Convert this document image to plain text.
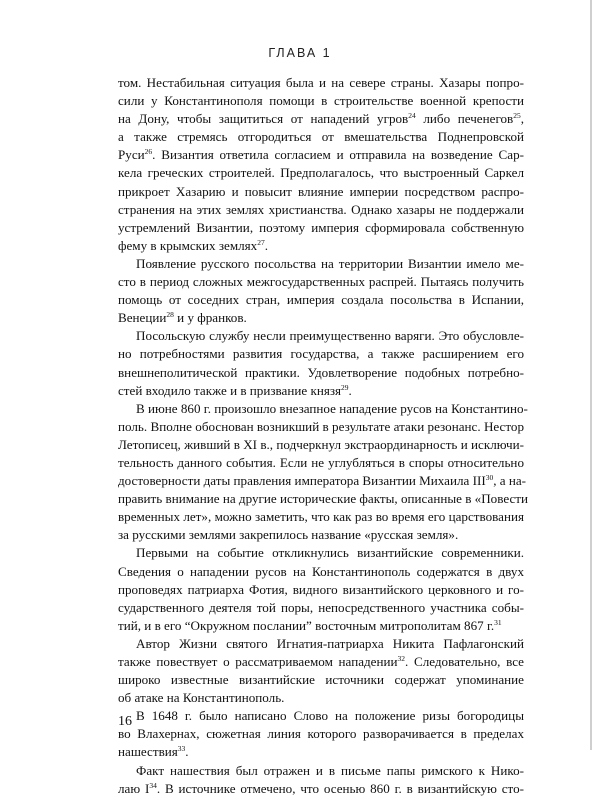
ГЛАВА 1
том. Нестабильная ситуация была и на севере страны. Хазары попро-
сили у Константинополя помощи в строительстве военной крепости
на Дону, чтобы защититься от нападений угров$^{24}$ либо печенегов$^{25}$,
а также стремясь отгородиться от вмешательства Поднепровской
Руси$^{26}$. Византия ответила согласием и отправила на возведение Сар-
кела греческих строителей. Предполагалось, что выстроенный Саркел
прикроет Хазарию и повысит влияние империи посредством распро-
странения на этих землях христианства. Однако хазары не поддержали
устремлений Византии, поэтому империя сформировала собственную
фему в крымских землях$^{27}$.
Появление русского посольства на территории Византии имело ме-
сто в период сложных межгосударственных распрей. Пытаясь получить
помощь от соседних стран, империя создала посольства в Испании,
Венеции$^{28}$ и у франков.
Посольскую службу несли преимущественно варяги. Это обусловле-
но потребностями развития государства, а также расширением его
внешнеполитической практики. Удовлетворение подобных потребно-
стей входило также и в призвание князя$^{29}$.
В июне 860 г. произошло внезапное нападение русов на Константино-
поль. Вполне обоснован возникший в результате атаки резонанс. Нестор
Летописец, живший в XI в., подчеркнул экстраординарность и исключи-
тельность данного события. Если не углубляться в споры относительно
достоверности даты правления императора Византии Михаила III$^{30}$, а на-
править внимание на другие исторические факты, описанные в «Повести
временных лет», можно заметить, что как раз во время его царствования
за русскими землями закрепилось название «русская земля».
Первыми на событие откликнулись византийские современники.
Сведения о нападении русов на Константинополь содержатся в двух
проповедях патриарха Фотия, видного византийского церковного и го-
сударственного деятеля той поры, непосредственного участника собы-
тий, и в его “Окружном послании” восточным митрополитам 867 г.$^{31}$
Автор Жизни святого Игнатия-патриарха Никита Пафлагонский
также повествует о рассматриваемом нападении$^{32}$. Следовательно, все
широко известные византийские источники содержат упоминание
об атаке на Константинополь.
В 1648 г. было написано Слово на положение ризы богородицы
во Влахернах, сюжетная линия которого разворачивается в пределах
нашествия$^{33}$.
Факт нашествия был отражен и в письме папы римского к Нико-
лаю $I^{34}$. В источнике отмечено, что осенью 860 г. в византийскую сто-
16
